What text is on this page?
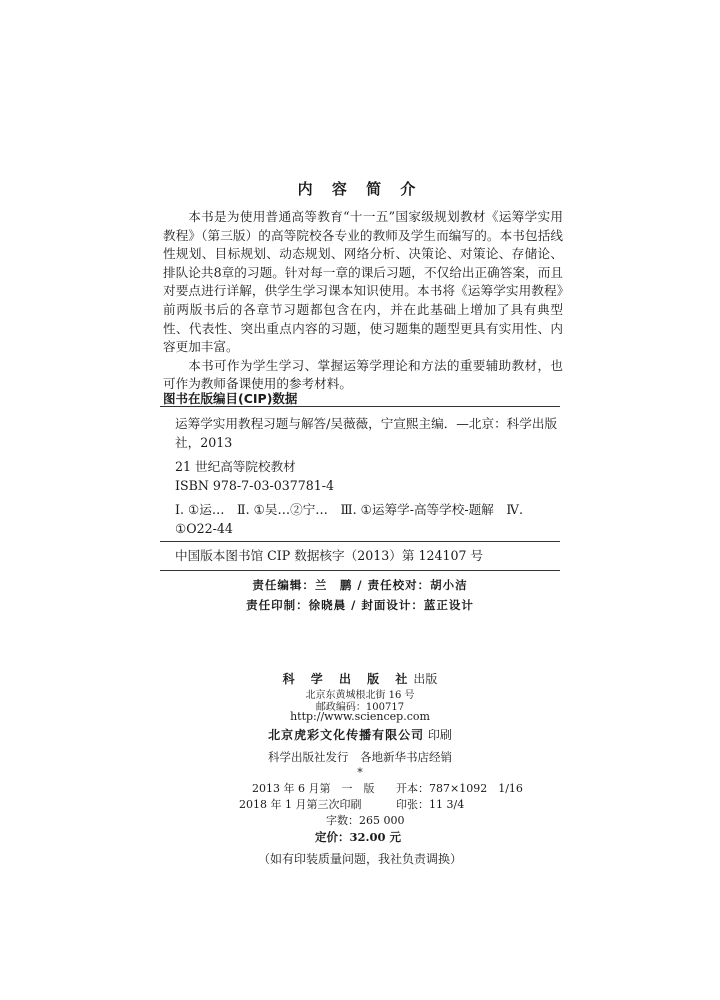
内 容 简 介

本书是为使用普通高等教育“十一五”国家级规划教材《运筹学实用教程》（第三版）的高等院校各专业的教师及学生而编写的。本书包括线性规划、目标规划、动态规划、网络分析、决策论、对策论、存储论、排队论共8章的习题。针对每一章的课后习题，不仅给出正确答案，而且对要点进行详解，供学生学习课本知识使用。本书将《运筹学实用教程》前两版书后的各章节习题都包含在内，并在此基础上增加了具有典型性、代表性、突出重点内容的习题，使习题集的题型更具有实用性、内容更加丰富。

本书可作为学生学习、掌握运筹学理论和方法的重要辅助教材，也可作为教师备课使用的参考材料。

图书在版编目(CIP)数据
运筹学实用教程习题与解答/吴薇薇，宁宣熙主编．—北京：科学出版社，2013
21 世纪高等院校教材
ISBN 978-7-03-037781-4
Ⅰ. ①运…　Ⅱ. ①吴…②宁…　Ⅲ. ①运筹学-高等学校-题解　Ⅳ. ①O22-44
中国版本图书馆 CIP 数据核字（2013）第 124107 号
责任编辑：兰　鹏 / 责任校对：胡小洁
责任印制：徐晓晨 / 封面设计：蓝正设计
科 学 出 版 社出版
北京东黄城根北街 16 号
邮政编码：100717
http://www.sciencep.com
北京虎彩文化传播有限公司 印刷
科学出版社发行　各地新华书店经销
*
2013 年 6 月第　一　版 开本：787×1092　1/16
2018 年 1 月第三次印刷	印张：11 3/4
字数：265 000
定价：32.00 元
（如有印装质量问题，我社负责调换）
